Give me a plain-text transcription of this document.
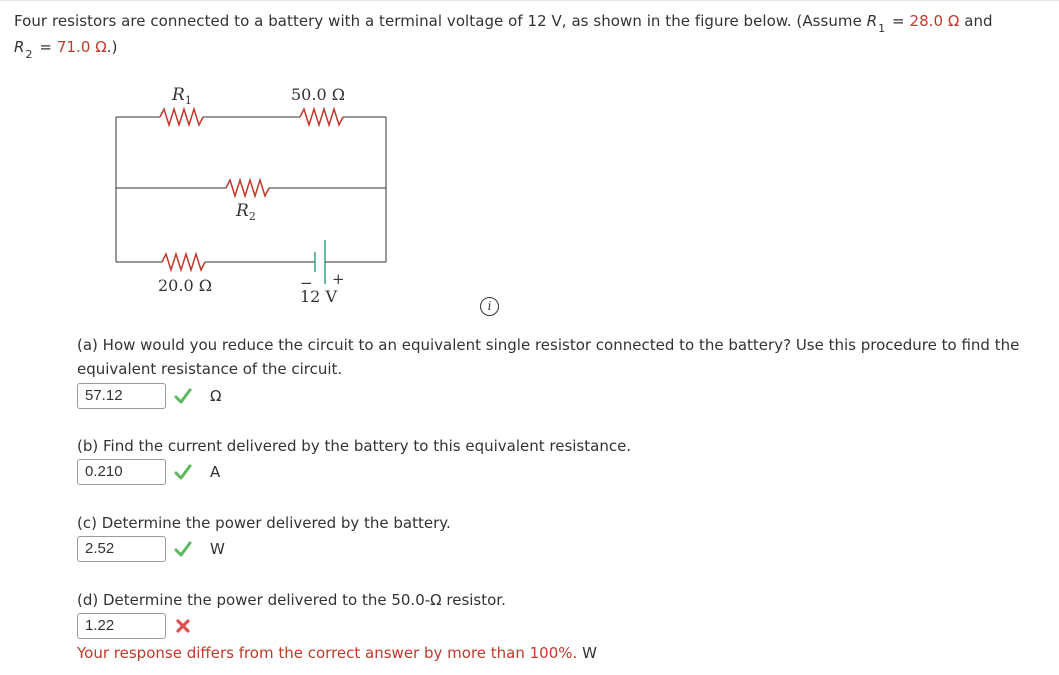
Four resistors are connected to a battery with a terminal voltage of 12 V, as shown in the figure below. (Assume $R_1 = 28.0$ Ω and
$R_2 = 71.0$ Ω.)
$R_1$	50.0 Ω
$R_2$
20.0 Ω	− +
12 V	i
(a) How would you reduce the circuit to an equivalent single resistor connected to the battery? Use this procedure to find the equivalent resistance of the circuit.
57.12	Ω
(b) Find the current delivered by the battery to this equivalent resistance.
0.210	A
(c) Determine the power delivered by the battery.
2.52	W
(d) Determine the power delivered to the 50.0-Ω resistor.
1.22
Your response differs from the correct answer by more than 100%. W
